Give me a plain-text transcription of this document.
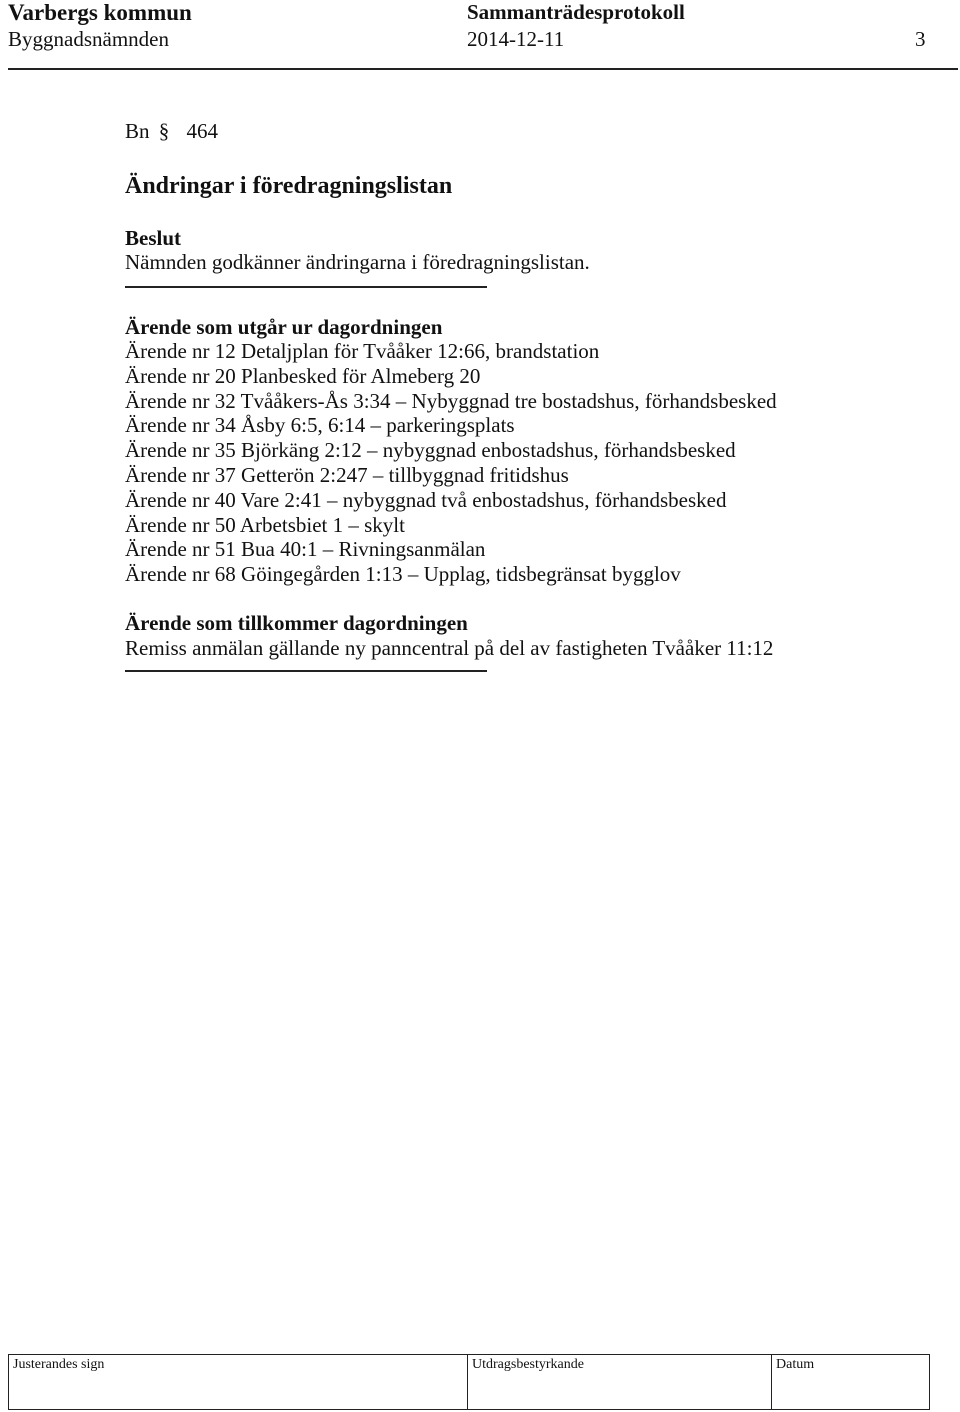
Varbergs kommun	Sammanträdesprotokoll
Byggnadsnämnden	2014-12-11	3
Bn § 464
Ändringar i föredragningslistan
Beslut
Nämnden godkänner ändringarna i föredragningslistan.
Ärende som utgår ur dagordningen
Ärende nr 12 Detaljplan för Tvååker 12:66, brandstation
Ärende nr 20 Planbesked för Almeberg 20
Ärende nr 32 Tvååkers-Ås 3:34 – Nybyggnad tre bostadshus, förhandsbesked
Ärende nr 34 Åsby 6:5, 6:14 – parkeringsplats
Ärende nr 35 Björkäng 2:12 – nybyggnad enbostadshus, förhandsbesked
Ärende nr 37 Getterön 2:247 – tillbyggnad fritidshus
Ärende nr 40 Vare 2:41 – nybyggnad två enbostadshus, förhandsbesked
Ärende nr 50 Arbetsbiet 1 – skylt
Ärende nr 51 Bua 40:1 – Rivningsanmälan
Ärende nr 68 Göingegården 1:13 – Upplag, tidsbegränsat bygglov
Ärende som tillkommer dagordningen
Remiss anmälan gällande ny panncentral på del av fastigheten Tvååker 11:12
Justerandes sign	Utdragsbestyrkande	Datum
